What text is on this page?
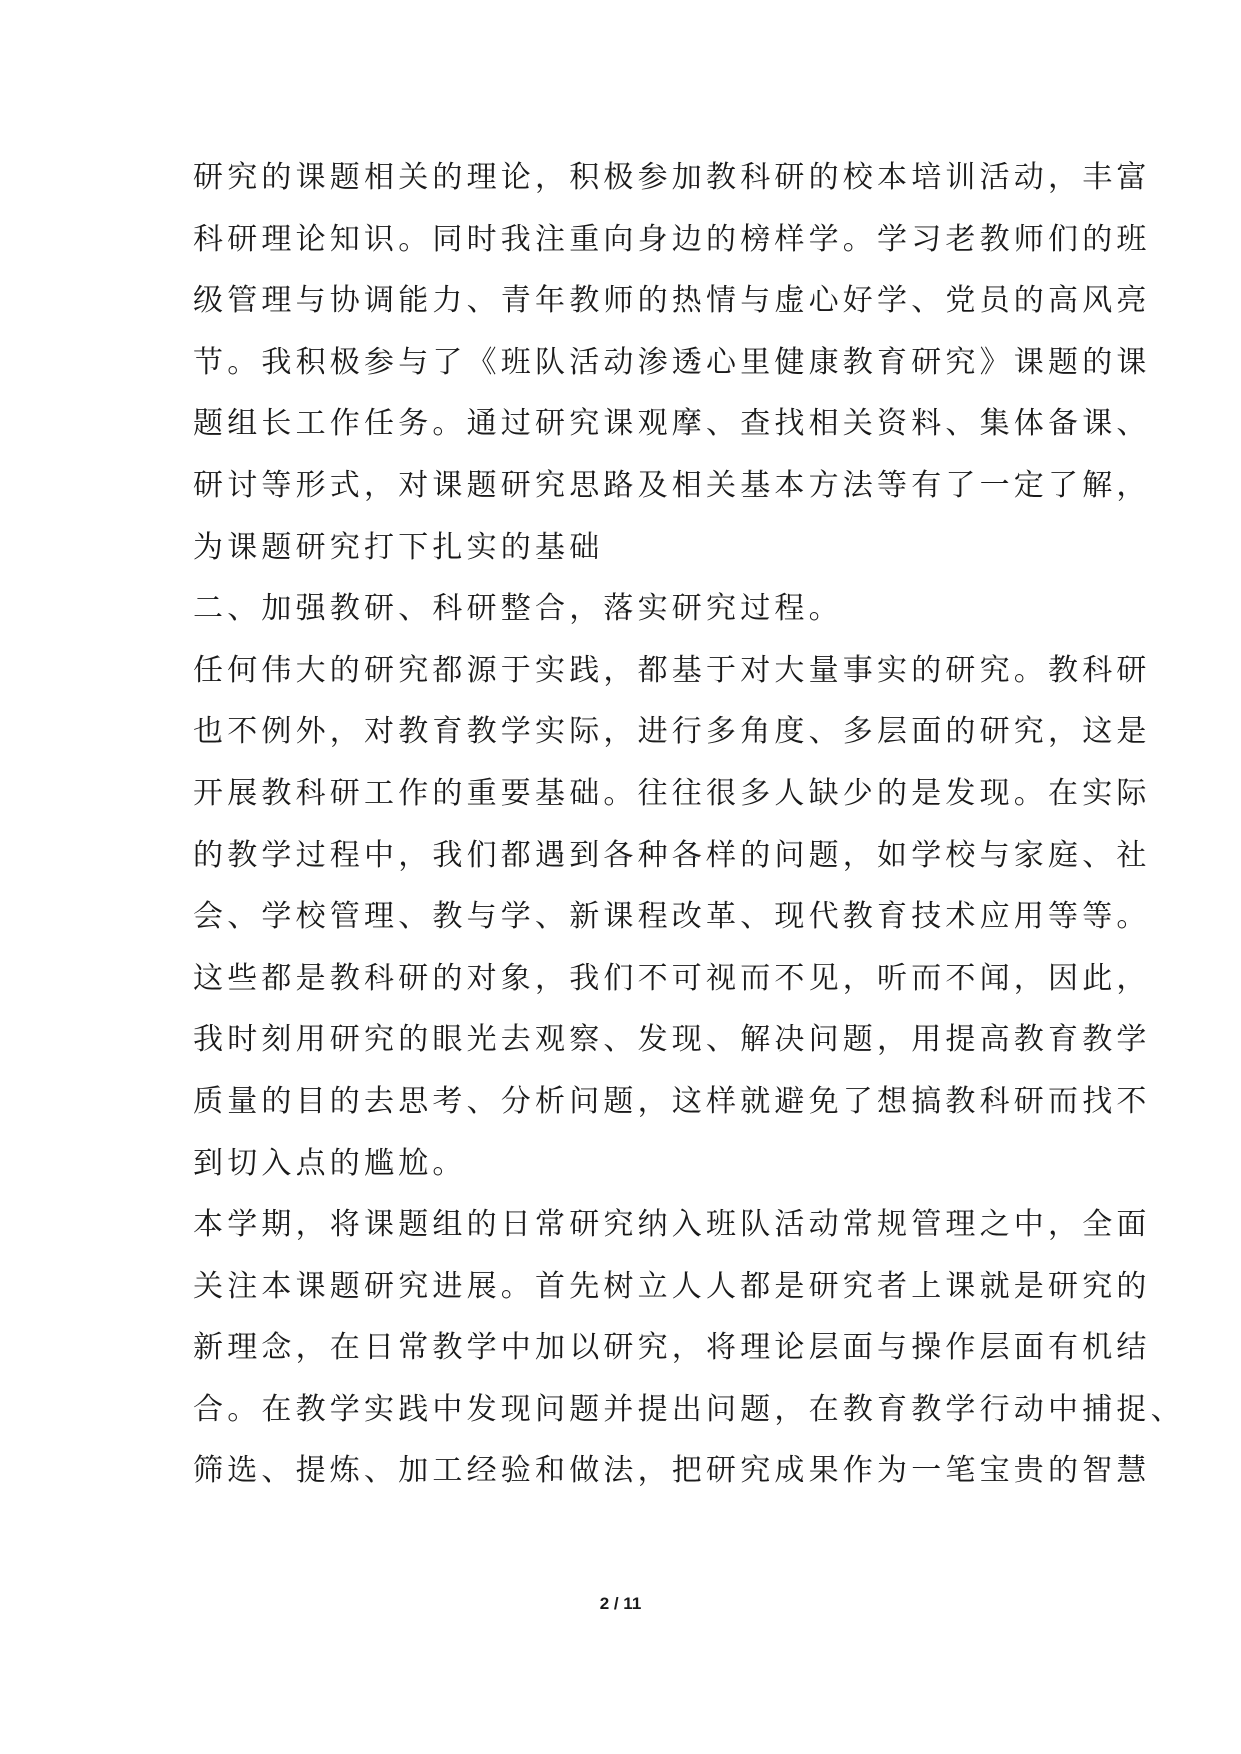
研究的课题相关的理论，积极参加教科研的校本培训活动，丰富
科研理论知识。同时我注重向身边的榜样学。学习老教师们的班
级管理与协调能力、青年教师的热情与虚心好学、党员的高风亮
节。我积极参与了《班队活动渗透心里健康教育研究》课题的课
题组长工作任务。通过研究课观摩、查找相关资料、集体备课、
研讨等形式，对课题研究思路及相关基本方法等有了一定了解，
为课题研究打下扎实的基础
二、加强教研、科研整合，落实研究过程。
任何伟大的研究都源于实践，都基于对大量事实的研究。教科研
也不例外，对教育教学实际，进行多角度、多层面的研究，这是
开展教科研工作的重要基础。往往很多人缺少的是发现。在实际
的教学过程中，我们都遇到各种各样的问题，如学校与家庭、社
会、学校管理、教与学、新课程改革、现代教育技术应用等等。
这些都是教科研的对象，我们不可视而不见，听而不闻，因此，
我时刻用研究的眼光去观察、发现、解决问题，用提高教育教学
质量的目的去思考、分析问题，这样就避免了想搞教科研而找不
到切入点的尴尬。
本学期，将课题组的日常研究纳入班队活动常规管理之中，全面
关注本课题研究进展。首先树立人人都是研究者上课就是研究的
新理念，在日常教学中加以研究，将理论层面与操作层面有机结
合。在教学实践中发现问题并提出问题，在教育教学行动中捕捉、
筛选、提炼、加工经验和做法，把研究成果作为一笔宝贵的智慧
2 / 11
